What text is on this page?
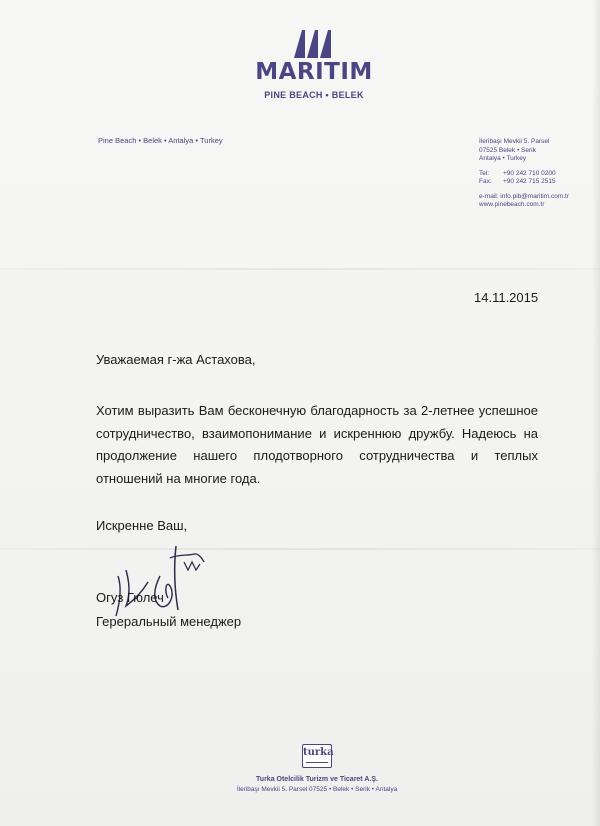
MARITIM
PINE BEACH • BELEK
Pine Beach • Belek • Antalya • Turkey	İleribaşı Mevkii 5. Parsel
07525 Belek • Serik
Antalya • Turkey
Tel: +90 242 710 0200
Fax: +90 242 715 2515
e-mail: info.pib@maritim.com.tr
www.pinebeach.com.tr
14.11.2015
Уважаемая г-жа Астахова,
Хотим выразить Вам бесконечную благодарность за 2-летнее успешное сотрудничество, взаимопонимание и искреннюю дружбу. Надеюсь на продолжение нашего плодотворного сотрудничества и теплых отношений на многие года.
Искренне Ваш,
Огуз Гюлеч
Гереральный менеджер
turka
Turka Otelcilik Turizm ve Ticaret A.Ş.
İleribaşı Mevkii 5. Parsel 07525 • Belek • Serik • Antalya
